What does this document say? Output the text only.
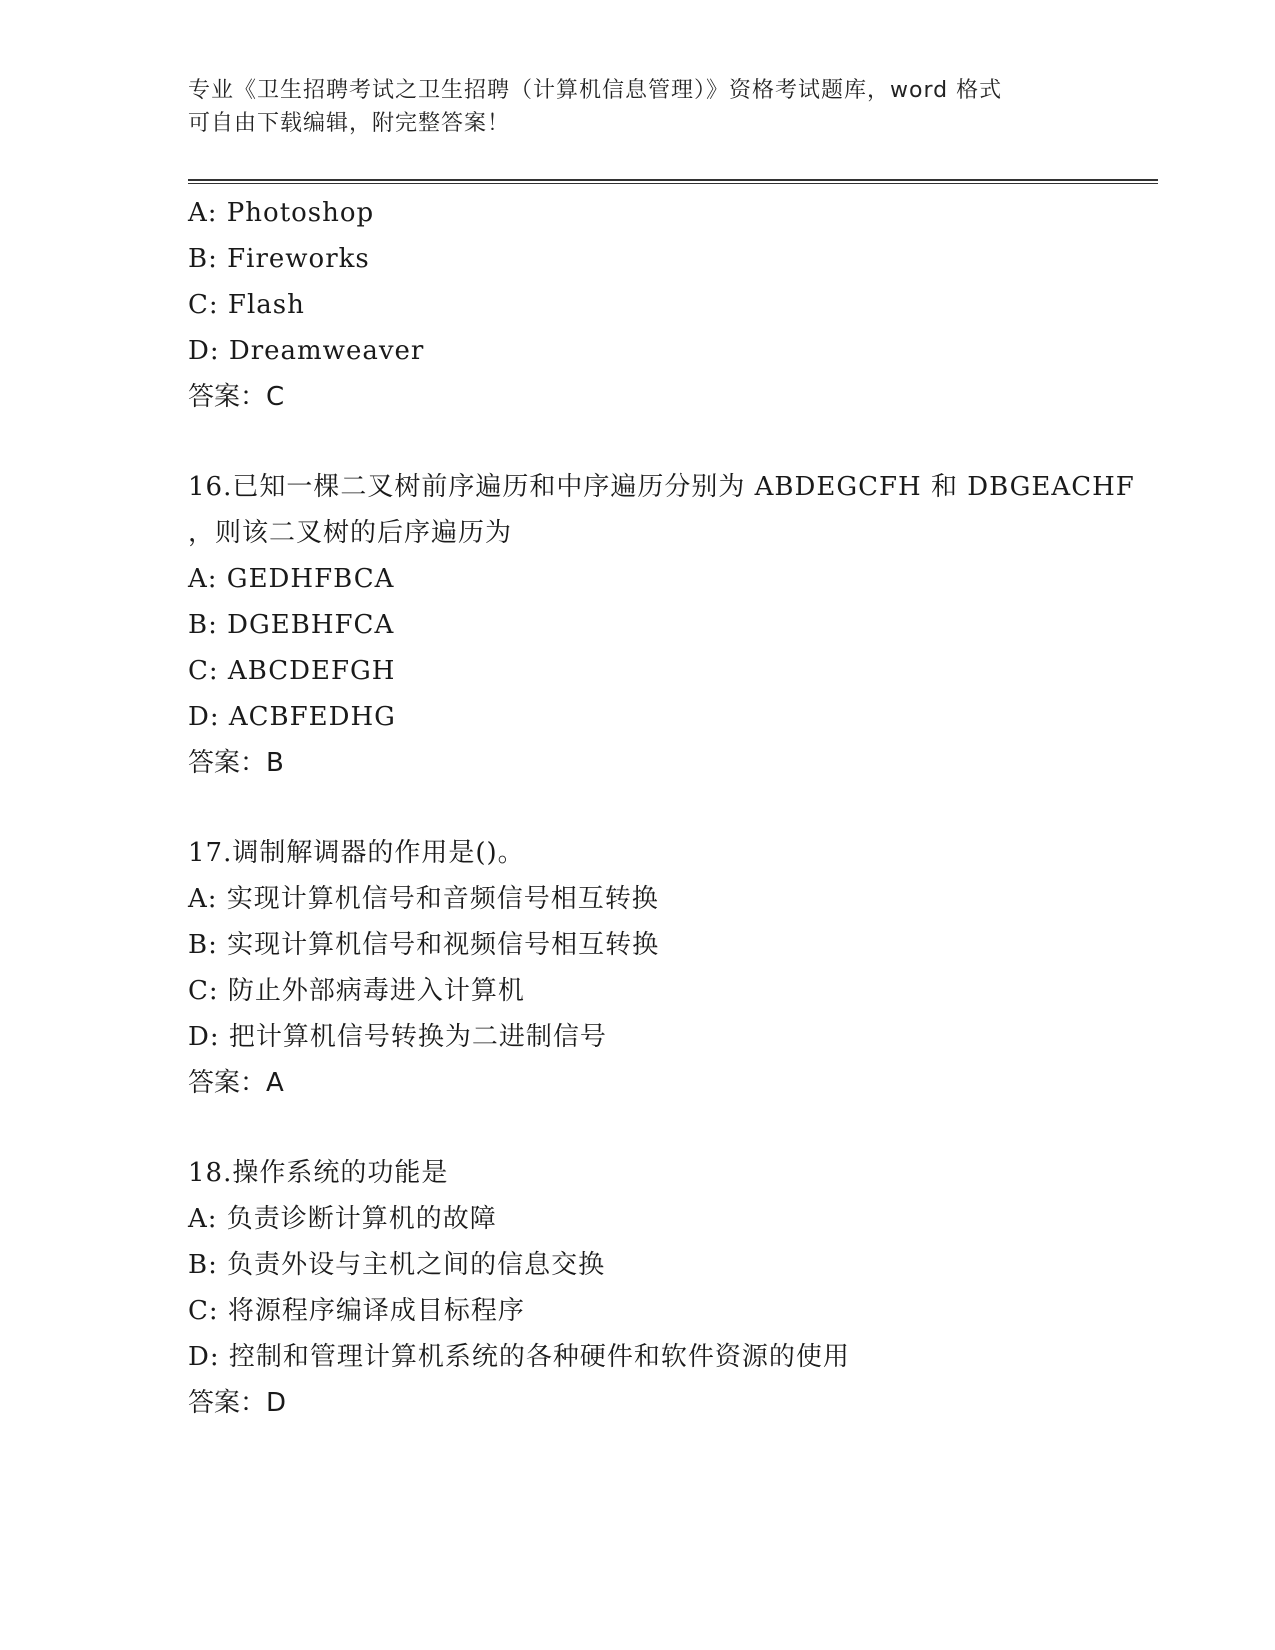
专业《卫生招聘考试之卫生招聘（计算机信息管理）》资格考试题库，word 格式
可自由下载编辑，附完整答案！
A: Photoshop
B: Fireworks
C: Flash
D: Dreamweaver
答案：C
16.已知一棵二叉树前序遍历和中序遍历分别为 ABDEGCFH 和 DBGEACHF
，则该二叉树的后序遍历为
A: GEDHFBCA
B: DGEBHFCA
C: ABCDEFGH
D: ACBFEDHG
答案：B
17.调制解调器的作用是()。
A: 实现计算机信号和音频信号相互转换
B: 实现计算机信号和视频信号相互转换
C: 防止外部病毒进入计算机
D: 把计算机信号转换为二进制信号
答案：A
18.操作系统的功能是
A: 负责诊断计算机的故障
B: 负责外设与主机之间的信息交换
C: 将源程序编译成目标程序
D: 控制和管理计算机系统的各种硬件和软件资源的使用
答案：D
